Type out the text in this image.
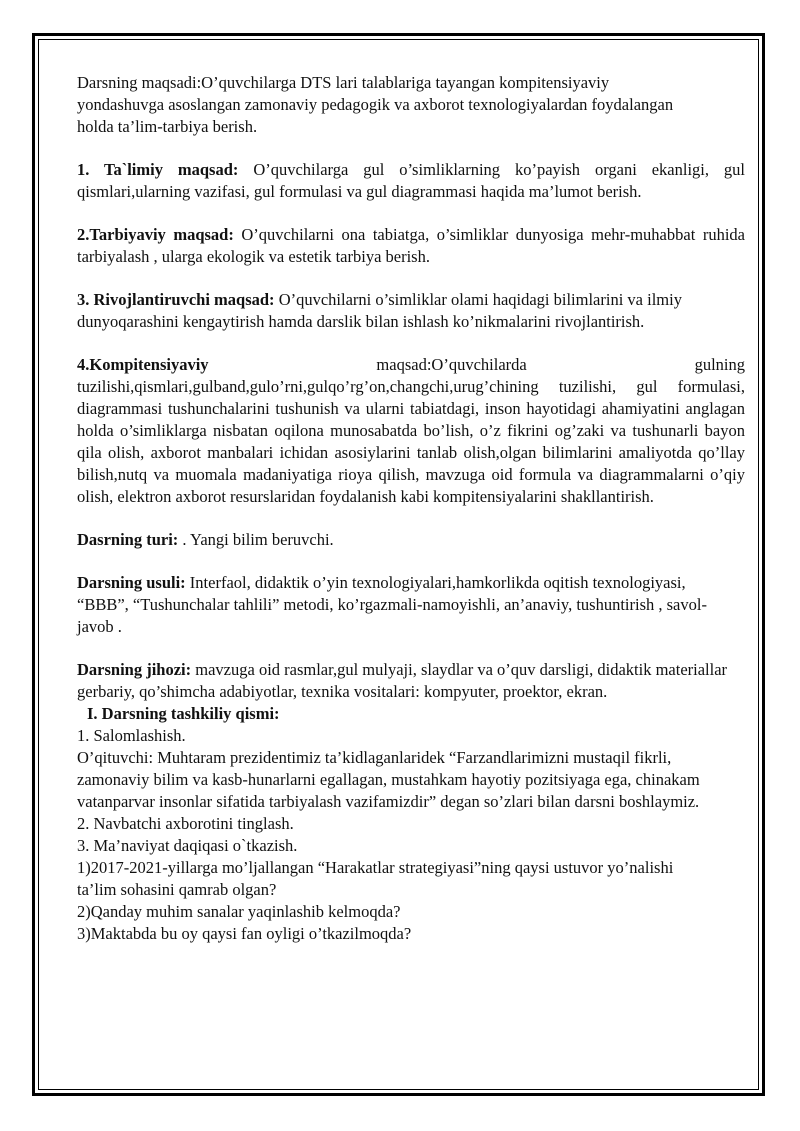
Darsning maqsadi:O’quvchilarga DTS lari talablariga tayangan kompitensiyaviy yondashuvga asoslangan zamonaviy pedagogik va axborot texnologiyalardan foydalangan holda ta’lim-tarbiya berish.

1. Ta`limiy maqsad: O’quvchilarga gul o’simliklarning ko’payish organi ekanligi, gul qismlari,ularning vazifasi, gul formulasi va gul diagrammasi haqida ma’lumot berish.

2.Tarbiyaviy maqsad: O’quvchilarni ona tabiatga, o’simliklar dunyosiga mehr-muhabbat ruhida tarbiyalash , ularga ekologik va estetik tarbiya berish.

3. Rivojlantiruvchi maqsad: O’quvchilarni o’simliklar olami haqidagi bilimlarini va ilmiy dunyoqarashini kengaytirish hamda darslik bilan ishlash ko’nikmalarini rivojlantirish.

4.Kompitensiyaviy maqsad:O’quvchilarda gulning tuzilishi,qismlari,gulband,gulo’rni,gulqo’rg’on,changchi,urug’chining tuzilishi, gul formulasi, diagrammasi tushunchalarini tushunish va ularni tabiatdagi, inson hayotidagi ahamiyatini anglagan holda o’simliklarga nisbatan oqilona munosabatda bo’lish, o’z fikrini og’zaki va tushunarli bayon qila olish, axborot manbalari ichidan asosiylarini tanlab olish,olgan bilimlarini amaliyotda qo’llay bilish,nutq va muomala madaniyatiga rioya qilish, mavzuga oid formula va diagrammalarni o’qiy olish, elektron axborot resurslaridan foydalanish kabi kompitensiyalarini shakllantirish.

Dasrning turi: . Yangi bilim beruvchi.

Darsning usuli: Interfaol, didaktik o’yin texnologiyalari,hamkorlikda oqitish texnologiyasi, “BBB”, “Tushunchalar tahlili” metodi, ko’rgazmali-namoyishli, an’anaviy, tushuntirish , savol-javob .

Darsning jihozi: mavzuga oid rasmlar,gul mulyaji, slaydlar va o’quv darsligi, didaktik materiallar gerbariy, qo’shimcha adabiyotlar, texnika vositalari: kompyuter, proektor, ekran.

I. Darsning tashkiliy qismi:

1. Salomlashish.

O’qituvchi: Muhtaram prezidentimiz ta’kidlaganlaridek “Farzandlarimizni mustaqil fikrli, zamonaviy bilim va kasb-hunarlarni egallagan, mustahkam hayotiy pozitsiyaga ega, chinakam vatanparvar insonlar sifatida tarbiyalash vazifamizdir” degan so’zlari bilan darsni boshlaymiz.

2. Navbatchi axborotini tinglash.

3. Ma’naviyat daqiqasi o`tkazish.

1)2017-2021-yillarga mo’ljallangan “Harakatlar strategiyasi”ning qaysi ustuvor yo’nalishi ta’lim sohasini qamrab olgan?

2)Qanday muhim sanalar yaqinlashib kelmoqda?

3)Maktabda bu oy qaysi fan oyligi o’tkazilmoqda?
